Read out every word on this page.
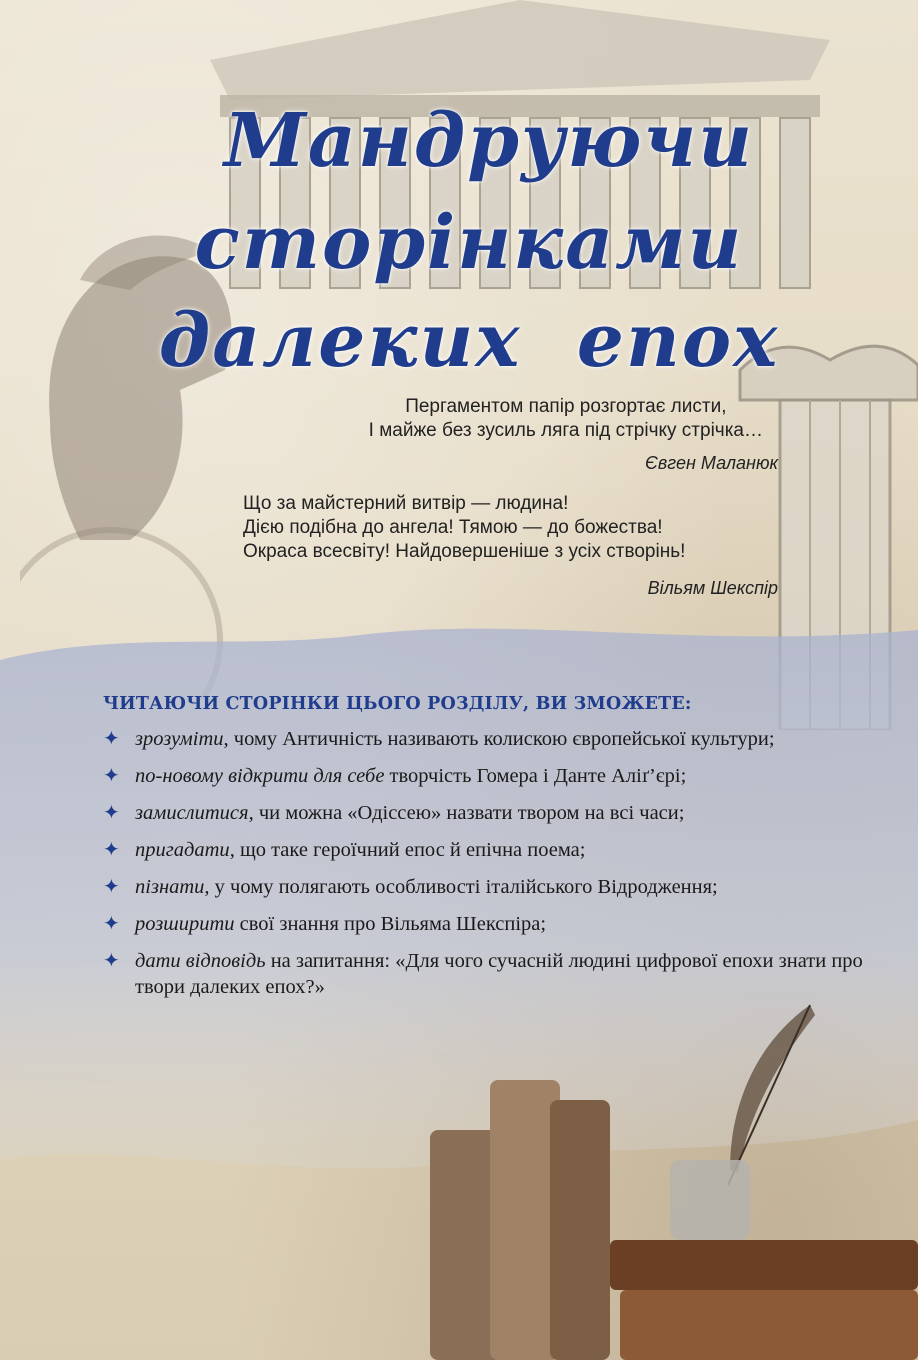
Мандруючи
сторінками
далеких  епох
Пергаментом папір розгортає листи,
І майже без зусиль ляга під стрічку стрічка…
Євген Маланюк
Що за майстерний витвір — людина!
Дією подібна до ангела! Тямою — до божества!
Окраса всесвіту! Найдовершеніше з усіх створінь!
Вільям Шекспір
ЧИТАЮЧИ СТОРІНКИ ЦЬОГО РОЗДІЛУ, ВИ ЗМОЖЕТЕ:
✦ зрозуміти, чому Античність називають колискою європейської культури;
✦ по-новому відкрити для себе творчість Гомера і Данте Аліґ’єрі;
✦ замислитися, чи можна «Одіссею» назвати твором на всі часи;
✦ пригадати, що таке героїчний епос й епічна поема;
✦ пізнати, у чому полягають особливості італійського Відродження;
✦ розширити свої знання про Вільяма Шекспіра;
✦ дати відповідь на запитання: «Для чого сучасній людині цифрової епохи знати про твори далеких епох?»
